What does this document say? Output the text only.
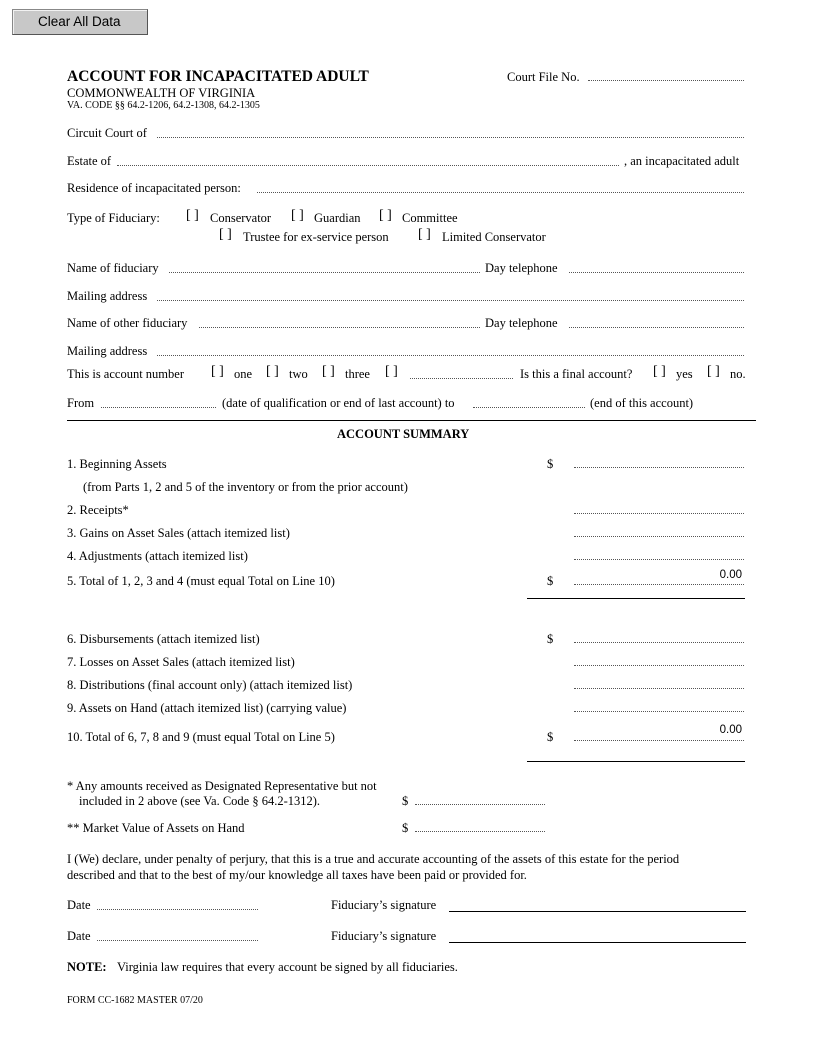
Clear All Data
ACCOUNT FOR INCAPACITATED ADULT
COMMONWEALTH OF VIRGINIA
VA. CODE §§ 64.2-1206, 64.2-1308, 64.2-1305
Court File No.
Circuit Court of
Estate of	, an incapacitated adult
Residence of incapacitated person:
Type of Fiduciary: [ ] Conservator [ ] Guardian [ ] Committee
[ ] Trustee for ex-service person [ ] Limited Conservator
Name of fiduciary	Day telephone
Mailing address
Name of other fiduciary	Day telephone
Mailing address
This is account number [ ] one [ ] two [ ] three [ ]	Is this a final account? [ ] yes [ ] no.
From	(date of qualification or end of last account) to	(end of this account)
ACCOUNT SUMMARY
1. Beginning Assets	$
(from Parts 1, 2 and 5 of the inventory or from the prior account)
2. Receipts*
3. Gains on Asset Sales (attach itemized list)
4. Adjustments (attach itemized list)
5. Total of 1, 2, 3 and 4 (must equal Total on Line 10)	$	0.00
6. Disbursements (attach itemized list)	$
7. Losses on Asset Sales (attach itemized list)
8. Distributions (final account only) (attach itemized list)
9. Assets on Hand (attach itemized list) (carrying value)
10. Total of 6, 7, 8 and 9 (must equal Total on Line 5)	$	0.00
* Any amounts received as Designated Representative but not
included in 2 above (see Va. Code § 64.2-1312).	$
** Market Value of Assets on Hand	$
I (We) declare, under penalty of perjury, that this is a true and accurate accounting of the assets of this estate for the period
described and that to the best of my/our knowledge all taxes have been paid or provided for.
Date	Fiduciary’s signature
Date	Fiduciary’s signature
NOTE: Virginia law requires that every account be signed by all fiduciaries.
FORM CC-1682 MASTER 07/20
